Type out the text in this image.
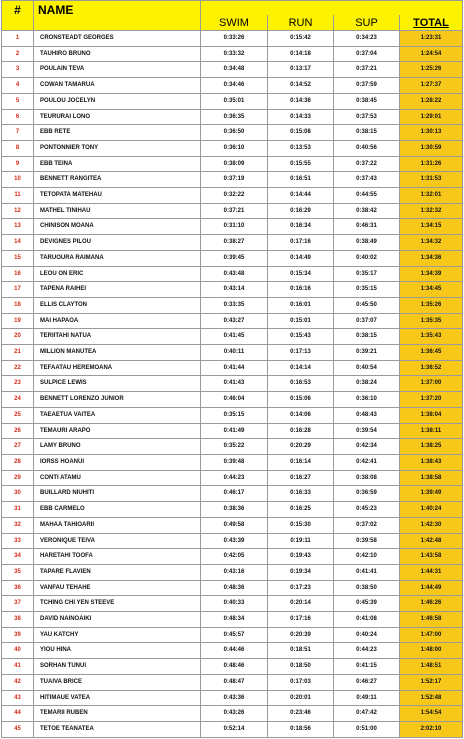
#	NAME				
		SWIM	RUN	SUP	TOTAL
1	CRONSTEADT GEORGES	0:33:26	0:15:42	0:34:23	1:23:31
2	TAUHIRO BRUNO	0:33:32	0:14:18	0:37:04	1:24:54
3	POULAIN TEVA	0:34:48	0:13:17	0:37:21	1:25:26
4	COWAN TAMARUA	0:34:46	0:14:52	0:37:59	1:27:37
5	POULOU JOCELYN	0:35:01	0:14:36	0:38:45	1:28:22
6	TEURURAI LONO	0:36:35	0:14:33	0:37:53	1:29:01
7	EBB RETE	0:36:50	0:15:08	0:38:15	1:30:13
8	PONTONNIER TONY	0:36:10	0:13:53	0:40:56	1:30:59
9	EBB TEINA	0:38:09	0:15:55	0:37:22	1:31:26
10	BENNETT RANGITEA	0:37:19	0:16:51	0:37:43	1:31:53
11	TETOPATA MATEHAU	0:32:22	0:14:44	0:44:55	1:32:01
12	MATHEL TINIHAU	0:37:21	0:16:29	0:38:42	1:32:32
13	CHINISON MOANA	0:31:10	0:16:34	0:46:31	1:34:15
14	DEVIGNES PILOU	0:38:27	0:17:16	0:38:49	1:34:32
15	TARUOURA RAIMANA	0:39:45	0:14:49	0:40:02	1:34:36
16	LEOU ON ERIC	0:43:48	0:15:34	0:35:17	1:34:39
17	TAPENA RAIHEI	0:43:14	0:16:16	0:35:15	1:34:45
18	ELLIS CLAYTON	0:33:35	0:16:01	0:45:50	1:35:26
19	MAI HAPAOA	0:43:27	0:15:01	0:37:07	1:35:35
20	TERIITAHI NATUA	0:41:45	0:15:43	0:38:15	1:35:43
21	MILLION MANUTEA	0:40:11	0:17:13	0:39:21	1:36:45
22	TEFAATAU HEREMOANA	0:41:44	0:14:14	0:40:54	1:36:52
23	SULPICE LEWIS	0:41:43	0:16:53	0:38:24	1:37:00
24	BENNETT LORENZO JUNIOR	0:46:04	0:15:06	0:36:10	1:37:20
25	TAEAETUA VAITEA	0:35:15	0:14:06	0:48:43	1:38:04
26	TEMAURI ARAPO	0:41:49	0:16:28	0:39:54	1:38:11
27	LAMY BRUNO	0:35:22	0:20:29	0:42:34	1:38:25
28	IORSS HOANUI	0:39:48	0:16:14	0:42:41	1:38:43
29	CONTI ATAMU	0:44:23	0:16:27	0:38:08	1:38:58
30	BUILLARD NIUHITI	0:46:17	0:16:33	0:36:59	1:39:49
31	EBB CARMELO	0:38:36	0:16:25	0:45:23	1:40:24
32	MAHAA TAHIOARII	0:49:58	0:15:30	0:37:02	1:42:30
33	VERONIQUE TEIVA	0:43:39	0:19:11	0:39:58	1:42:48
34	HARETAHI TOOFA	0:42:05	0:19:43	0:42:10	1:43:58
35	TAPARE FLAVIEN	0:43:16	0:19:34	0:41:41	1:44:31
36	VANFAU TEHAHE	0:48:36	0:17:23	0:38:50	1:44:49
37	TCHING CHI YEN STEEVE	0:40:33	0:20:14	0:45:39	1:46:26
38	DAVID NAINOAIKI	0:48:34	0:17:16	0:41:08	1:46:58
39	YAU KATCHY	0:45:57	0:20:39	0:40:24	1:47:00
40	YIOU HINA	0:44:46	0:18:51	0:44:23	1:48:00
41	SORHAN TUNUI	0:48:46	0:18:50	0:41:15	1:48:51
42	TUAIVA BRICE	0:48:47	0:17:03	0:46:27	1:52:17
43	HITIMAUE VATEA	0:43:36	0:20:01	0:49:11	1:52:48
44	TEMARII RUBEN	0:43:26	0:23:46	0:47:42	1:54:54
45	TETOE TEANATEA	0:52:14	0:18:56	0:51:00	2:02:10
